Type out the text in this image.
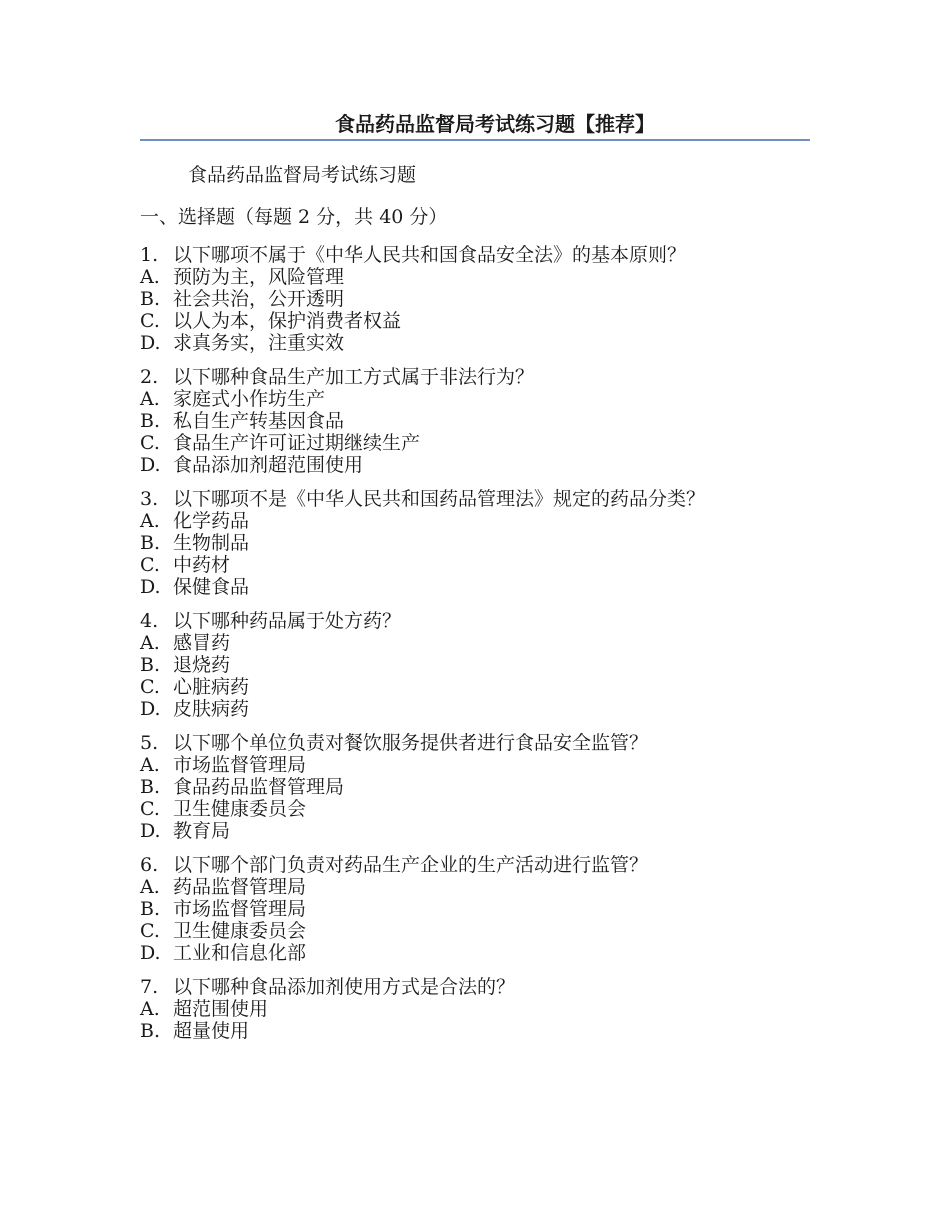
食品药品监督局考试练习题【推荐】

食品药品监督局考试练习题

一、选择题（每题 2 分，共 40 分）

1. 以下哪项不属于《中华人民共和国食品安全法》的基本原则？
A. 预防为主，风险管理
B. 社会共治，公开透明
C. 以人为本，保护消费者权益
D. 求真务实，注重实效
2. 以下哪种食品生产加工方式属于非法行为？
A. 家庭式小作坊生产
B. 私自生产转基因食品
C. 食品生产许可证过期继续生产
D. 食品添加剂超范围使用
3. 以下哪项不是《中华人民共和国药品管理法》规定的药品分类？
A. 化学药品
B. 生物制品
C. 中药材
D. 保健食品
4. 以下哪种药品属于处方药？
A. 感冒药
B. 退烧药
C. 心脏病药
D. 皮肤病药
5. 以下哪个单位负责对餐饮服务提供者进行食品安全监管？
A. 市场监督管理局
B. 食品药品监督管理局
C. 卫生健康委员会
D. 教育局
6. 以下哪个部门负责对药品生产企业的生产活动进行监管？
A. 药品监督管理局
B. 市场监督管理局
C. 卫生健康委员会
D. 工业和信息化部
7. 以下哪种食品添加剂使用方式是合法的？
A. 超范围使用
B. 超量使用
